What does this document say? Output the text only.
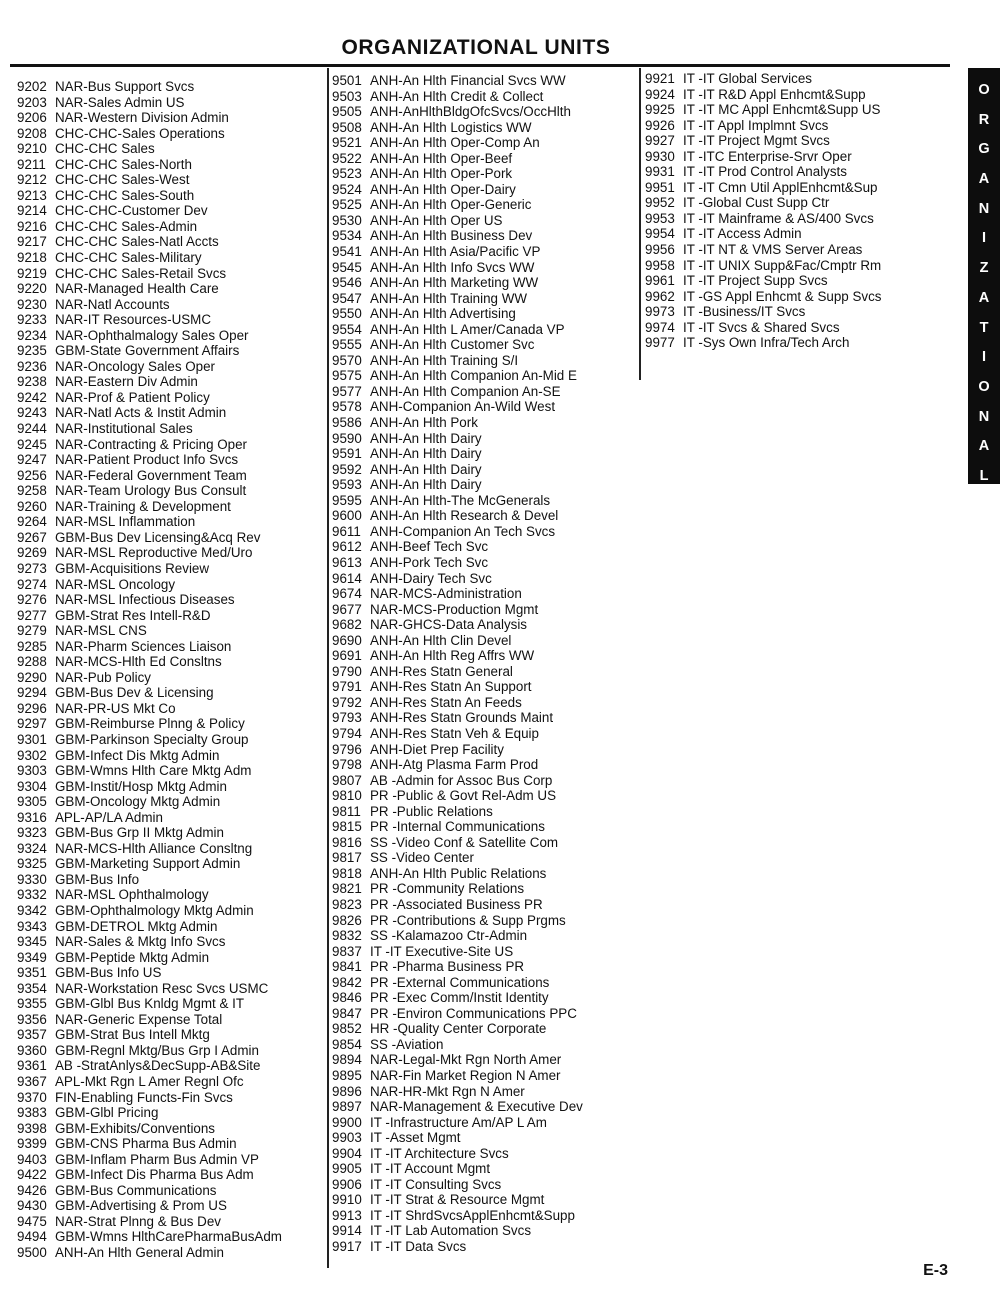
ORGANIZATIONAL UNITS
9202 NAR-Bus Support Svcs
9203 NAR-Sales Admin US
9206 NAR-Western Division Admin
9208 CHC-CHC-Sales Operations
9210 CHC-CHC Sales
9211 CHC-CHC Sales-North
9212 CHC-CHC Sales-West
9213 CHC-CHC Sales-South
9214 CHC-CHC-Customer Dev
9216 CHC-CHC Sales-Admin
9217 CHC-CHC Sales-Natl Accts
9218 CHC-CHC Sales-Military
9219 CHC-CHC Sales-Retail Svcs
9220 NAR-Managed Health Care
9230 NAR-Natl Accounts
9233 NAR-IT Resources-USMC
9234 NAR-Ophthalmalogy Sales Oper
9235 GBM-State Government Affairs
9236 NAR-Oncology Sales Oper
9238 NAR-Eastern Div Admin
9242 NAR-Prof & Patient Policy
9243 NAR-Natl Acts & Instit Admin
9244 NAR-Institutional Sales
9245 NAR-Contracting & Pricing Oper
9247 NAR-Patient Product Info Svcs
9256 NAR-Federal Government Team
9258 NAR-Team Urology Bus Consult
9260 NAR-Training & Development
9264 NAR-MSL Inflammation
9267 GBM-Bus Dev Licensing&Acq Rev
9269 NAR-MSL Reproductive Med/Uro
9273 GBM-Acquisitions Review
9274 NAR-MSL Oncology
9276 NAR-MSL Infectious Diseases
9277 GBM-Strat Res Intell-R&D
9279 NAR-MSL CNS
9285 NAR-Pharm Sciences Liaison
9288 NAR-MCS-Hlth Ed Consltns
9290 NAR-Pub Policy
9294 GBM-Bus Dev & Licensing
9296 NAR-PR-US Mkt Co
9297 GBM-Reimburse Plnng & Policy
9301 GBM-Parkinson Specialty Group
9302 GBM-Infect Dis Mktg Admin
9303 GBM-Wmns Hlth Care Mktg Adm
9304 GBM-Instit/Hosp Mktg Admin
9305 GBM-Oncology Mktg Admin
9316 APL-AP/LA Admin
9323 GBM-Bus Grp II Mktg Admin
9324 NAR-MCS-Hlth Alliance Consltng
9325 GBM-Marketing Support Admin
9330 GBM-Bus Info
9332 NAR-MSL Ophthalmology
9342 GBM-Ophthalmology Mktg Admin
9343 GBM-DETROL Mktg Admin
9345 NAR-Sales & Mktg Info Svcs
9349 GBM-Peptide Mktg Admin
9351 GBM-Bus Info US
9354 NAR-Workstation Resc Svcs USMC
9355 GBM-Glbl Bus Knldg Mgmt & IT
9356 NAR-Generic Expense Total
9357 GBM-Strat Bus Intell Mktg
9360 GBM-Regnl Mktg/Bus Grp I Admin
9361 AB -StratAnlys&DecSupp-AB&Site
9367 APL-Mkt Rgn L Amer Regnl Ofc
9370 FIN-Enabling Functs-Fin Svcs
9383 GBM-Glbl Pricing
9398 GBM-Exhibits/Conventions
9399 GBM-CNS Pharma Bus Admin
9403 GBM-Inflam Pharm Bus Admin VP
9422 GBM-Infect Dis Pharma Bus Adm
9426 GBM-Bus Communications
9430 GBM-Advertising & Prom US
9475 NAR-Strat Plnng & Bus Dev
9494 GBM-Wmns HlthCarePharmaBusAdm
9500 ANH-An Hlth General Admin
9501 ANH-An Hlth Financial Svcs WW
9503 ANH-An Hlth Credit & Collect
9505 ANH-AnHlthBldgOfcSvcs/OccHlth
9508 ANH-An Hlth Logistics WW
9521 ANH-An Hlth Oper-Comp An
9522 ANH-An Hlth Oper-Beef
9523 ANH-An Hlth Oper-Pork
9524 ANH-An Hlth Oper-Dairy
9525 ANH-An Hlth Oper-Generic
9530 ANH-An Hlth Oper US
9534 ANH-An Hlth Business Dev
9541 ANH-An Hlth Asia/Pacific VP
9545 ANH-An Hlth Info Svcs WW
9546 ANH-An Hlth Marketing WW
9547 ANH-An Hlth Training WW
9550 ANH-An Hlth Advertising
9554 ANH-An Hlth L Amer/Canada VP
9555 ANH-An Hlth Customer Svc
9570 ANH-An Hlth Training S/I
9575 ANH-An Hlth Companion An-Mid E
9577 ANH-An Hlth Companion An-SE
9578 ANH-Companion An-Wild West
9586 ANH-An Hlth Pork
9590 ANH-An Hlth Dairy
9591 ANH-An Hlth Dairy
9592 ANH-An Hlth Dairy
9593 ANH-An Hlth Dairy
9595 ANH-An Hlth-The McGenerals
9600 ANH-An Hlth Research & Devel
9611 ANH-Companion An Tech Svcs
9612 ANH-Beef Tech Svc
9613 ANH-Pork Tech Svc
9614 ANH-Dairy Tech Svc
9674 NAR-MCS-Administration
9677 NAR-MCS-Production Mgmt
9682 NAR-GHCS-Data Analysis
9690 ANH-An Hlth Clin Devel
9691 ANH-An Hlth Reg Affrs WW
9790 ANH-Res Statn General
9791 ANH-Res Statn An Support
9792 ANH-Res Statn An Feeds
9793 ANH-Res Statn Grounds Maint
9794 ANH-Res Statn Veh & Equip
9796 ANH-Diet Prep Facility
9798 ANH-Atg Plasma Farm Prod
9807 AB -Admin for Assoc Bus Corp
9810 PR -Public & Govt Rel-Adm US
9811 PR -Public Relations
9815 PR -Internal Communications
9816 SS -Video Conf & Satellite Com
9817 SS -Video Center
9818 ANH-An Hlth Public Relations
9821 PR -Community Relations
9823 PR -Associated Business PR
9826 PR -Contributions & Supp Prgms
9832 SS -Kalamazoo Ctr-Admin
9837 IT -IT Executive-Site US
9841 PR -Pharma Business PR
9842 PR -External Communications
9846 PR -Exec Comm/Instit Identity
9847 PR -Environ Communications PPC
9852 HR -Quality Center Corporate
9854 SS -Aviation
9894 NAR-Legal-Mkt Rgn North Amer
9895 NAR-Fin Market Region N Amer
9896 NAR-HR-Mkt Rgn N Amer
9897 NAR-Management & Executive Dev
9900 IT -Infrastructure Am/AP L Am
9903 IT -Asset Mgmt
9904 IT -IT Architecture Svcs
9905 IT -IT Account Mgmt
9906 IT -IT Consulting Svcs
9910 IT -IT Strat & Resource Mgmt
9913 IT -IT ShrdSvcsApplEnhcmt&Supp
9914 IT -IT Lab Automation Svcs
9917 IT -IT Data Svcs
9921 IT -IT Global Services
9924 IT -IT R&D Appl Enhcmt&Supp
9925 IT -IT MC Appl Enhcmt&Supp US
9926 IT -IT Appl Implmnt Svcs
9927 IT -IT Project Mgmt Svcs
9930 IT -ITC Enterprise-Srvr Oper
9931 IT -IT Prod Control Analysts
9951 IT -IT Cmn Util ApplEnhcmt&Sup
9952 IT -Global Cust Supp Ctr
9953 IT -IT Mainframe & AS/400 Svcs
9954 IT -IT Access Admin
9956 IT -IT NT & VMS Server Areas
9958 IT -IT UNIX Supp&Fac/Cmptr Rm
9961 IT -IT Project Supp Svcs
9962 IT -GS Appl Enhcmt & Supp Svcs
9973 IT -Business/IT Svcs
9974 IT -IT Svcs & Shared Svcs
9977 IT -Sys Own Infra/Tech Arch
O
R
G
A
N
I
Z
A
T
I
O
N
A
L
E-3
